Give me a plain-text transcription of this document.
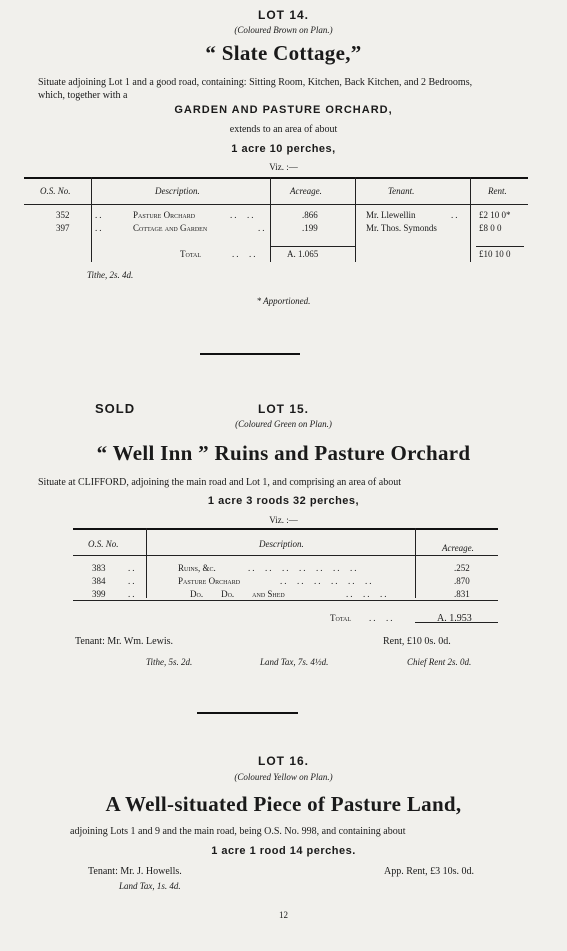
LOT 14.
(Coloured Brown on Plan.)
“ Slate Cottage,”
Situate adjoining Lot 1 and a good road, containing: Sitting Room, Kitchen, Back Kitchen, and 2 Bedrooms,
which, together with a
GARDEN AND PASTURE ORCHARD,
extends to an area of about
1 acre 10 perches,
Viz. :—
O.S. No.	Description.	Acreage.	Tenant.	Rent.
352	..	Pasture Orchard	..  ..	.866	Mr. Llewellin	.. £2 10 0*
397	..	Cottage and Garden	..	.199	Mr. Thos. Symonds	£8 0 0
Total	..  ..	A. 1.065	£10 10 0
Tithe, 2s. 4d.
* Apportioned.
SOLD	LOT 15.
(Coloured Green on Plan.)
“ Well Inn ” Ruins and Pasture Orchard
Situate at CLIFFORD, adjoining the main road and Lot 1, and comprising an area of about
1 acre 3 roods 32 perches,
Viz. :—
O.S. No.	Description.	Acreage.
383	..	Ruins, &c.	..  ..  ..  ..  ..  ..  ..	.252
384	..	Pasture Orchard	..  ..  ..  ..  ..  ..	.870
399	..	Do.        Do.        and Shed	..  ..  ..	.831
Total ..  ..	A. 1.953
Tenant: Mr. Wm. Lewis.	Rent, £10 0s. 0d.
Tithe, 5s. 2d.	Land Tax, 7s. 4½d.	Chief Rent 2s. 0d.
LOT 16.
(Coloured Yellow on Plan.)
A Well-situated Piece of Pasture Land,
adjoining Lots 1 and 9 and the main road, being O.S. No. 998, and containing about
1 acre 1 rood 14 perches.
Tenant: Mr. J. Howells.	App. Rent, £3 10s. 0d.
Land Tax, 1s. 4d.
12
